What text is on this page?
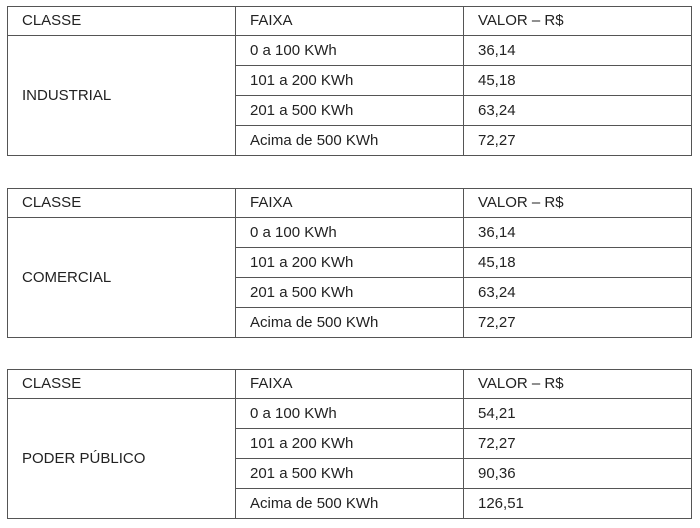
CLASSE	FAIXA	VALOR – R$
INDUSTRIAL	0 a 100 KWh	36,14
	101 a 200 KWh	45,18
	201 a 500 KWh	63,24
	Acima de 500 KWh	72,27
CLASSE	FAIXA	VALOR – R$
COMERCIAL	0 a 100 KWh	36,14
	101 a 200 KWh	45,18
	201 a 500 KWh	63,24
	Acima de 500 KWh	72,27
CLASSE	FAIXA	VALOR – R$
PODER PÚBLICO	0 a 100 KWh	54,21
	101 a 200 KWh	72,27
	201 a 500 KWh	90,36
	Acima de 500 KWh	126,51
